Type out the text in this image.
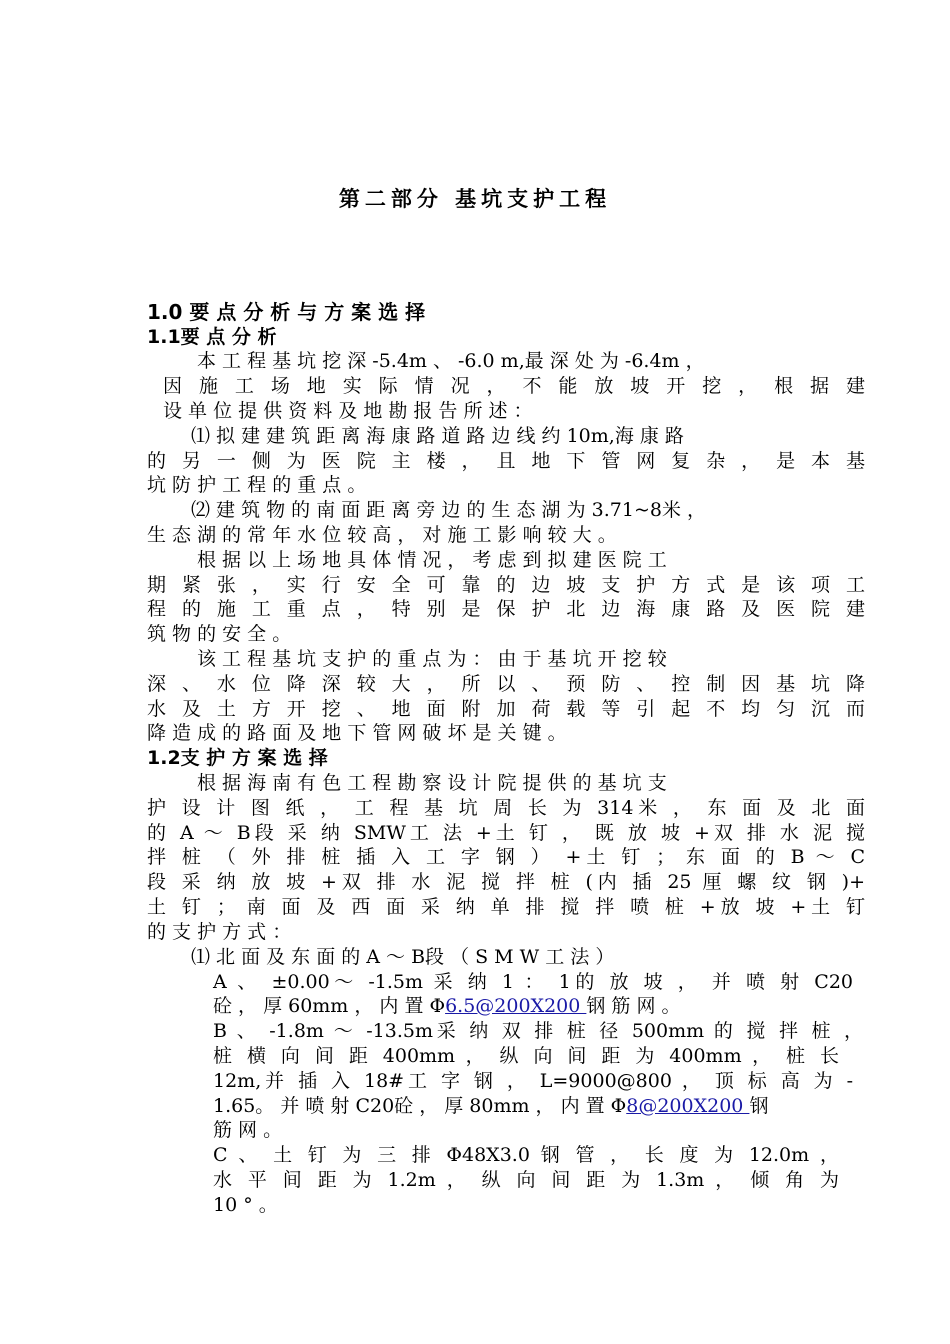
第二部分 基坑支护工程
1.0 要 点 分 析 与 方 案 选 择
1.1要 点 分 析
本 工 程 基 坑 挖 深 -5.4m 、 -6.0 m,最 深 处 为 -6.4m ，
因 施 工 场 地 实 际 情 况 ， 不 能 放 坡 开 挖 ， 根 据 建
设 单 位 提 供 资 料 及 地 勘 报 告 所 述 ：
⑴ 拟 建 建 筑 距 离 海 康 路 道 路 边 线 约 10m,海 康 路
的 另 一 侧 为 医 院 主 楼 ， 且 地 下 管 网 复 杂 ， 是 本 基
坑 防 护 工 程 的 重 点 。
⑵ 建 筑 物 的 南 面 距 离 旁 边 的 生 态 湖 为 3.71~8米 ，
生 态 湖 的 常 年 水 位 较 高 ， 对 施 工 影 响 较 大 。
根 据 以 上 场 地 具 体 情 况 ， 考 虑 到 拟 建 医 院 工
期 紧 张 ， 实 行 安 全 可 靠 的 边 坡 支 护 方 式 是 该 项 工
程 的 施 工 重 点 ， 特 别 是 保 护 北 边 海 康 路 及 医 院 建
筑 物 的 安 全 。
该 工 程 基 坑 支 护 的 重 点 为 ： 由 于 基 坑 开 挖 较
深 、 水 位 降 深 较 大 ， 所 以 、 预 防 、 控 制 因 基 坑 降
水 及 土 方 开 挖 、 地 面 附 加 荷 载 等 引 起 不 均 匀 沉 而
降 造 成 的 路 面 及 地 下 管 网 破 坏 是 关 键 。
1.2支 护 方 案 选 择
根 据 海 南 有 色 工 程 勘 察 设 计 院 提 供 的 基 坑 支
护 设 计 图 纸 ， 工 程 基 坑 周 长 为 314米 ， 东 面 及 北 面
的 A ～ B段 采 纳 SMW工 法 +土 钉 ， 既 放 坡 +双 排 水 泥 搅
拌 桩 （ 外 排 桩 插 入 工 字 钢 ） +土 钉 ； 东 面 的 B ～ C
段 采 纳 放 坡 +双 排 水 泥 搅 拌 桩 (内 插 25 厘 螺 纹 钢 )+
土 钉 ； 南 面 及 西 面 采 纳 单 排 搅 拌 喷 桩 +放 坡 +土 钉
的 支 护 方 式 ：
⑴ 北 面 及 东 面 的 A ～ B段 （ S M W 工 法 ）
A 、 ±0.00～ -1.5m 采 纳 1 ： 1的 放 坡 ， 并 喷 射 C20
砼 ， 厚 60mm ， 内 置 Φ6.5@200X200 钢 筋 网 。
B 、 -1.8m ～ -13.5m采 纳 双 排 桩 径 500mm 的 搅 拌 桩 ，
桩 横 向 间 距 400mm ， 纵 向 间 距 为 400mm ， 桩 长
12m,并 插 入 18#工 字 钢 ， L=9000@800 ， 顶 标 高 为 -
1.65。 并 喷 射 C20砼 ， 厚 80mm ， 内 置 Φ8@200X200 钢
筋 网 。
C 、 土 钉 为 三 排 Φ48X3.0 钢 管 ， 长 度 为 12.0m ，
水 平 间 距 为 1.2m ， 纵 向 间 距 为 1.3m ， 倾 角 为
10 ° 。
